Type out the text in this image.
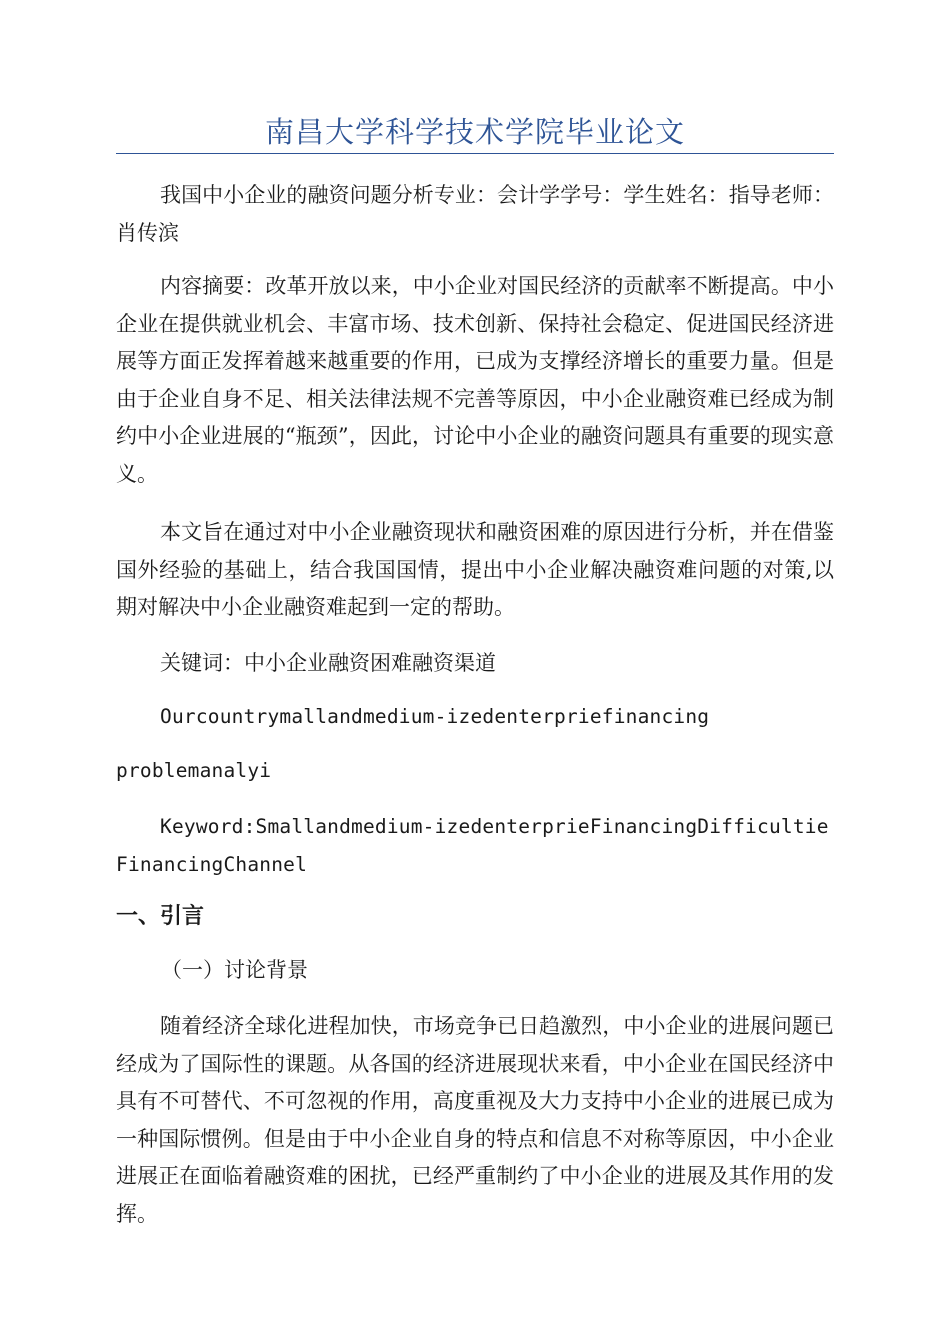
南昌大学科学技术学院毕业论文

我国中小企业的融资问题分析专业：会计学学号：学生姓名：指导老师：肖传滨

内容摘要：改革开放以来，中小企业对国民经济的贡献率不断提高。中小企业在提供就业机会、丰富市场、技术创新、保持社会稳定、促进国民经济进展等方面正发挥着越来越重要的作用，已成为支撑经济增长的重要力量。但是由于企业自身不足、相关法律法规不完善等原因，中小企业融资难已经成为制约中小企业进展的“瓶颈”，因此，讨论中小企业的融资问题具有重要的现实意义。

本文旨在通过对中小企业融资现状和融资困难的原因进行分析，并在借鉴国外经验的基础上，结合我国国情，提出中小企业解决融资难问题的对策,以期对解决中小企业融资难起到一定的帮助。

关键词：中小企业融资困难融资渠道

Ourcountrymallandmedium-izedenterpriefinancing

problemanalyi

Keyword:Smallandmedium-izedenterprieFinancingDifficultieFinancingChannel

一、引言
（一）讨论背景

随着经济全球化进程加快，市场竞争已日趋激烈，中小企业的进展问题已经成为了国际性的课题。从各国的经济进展现状来看，中小企业在国民经济中具有不可替代、不可忽视的作用，高度重视及大力支持中小企业的进展已成为一种国际惯例。但是由于中小企业自身的特点和信息不对称等原因，中小企业进展正在面临着融资难的困扰，已经严重制约了中小企业的进展及其作用的发挥。
